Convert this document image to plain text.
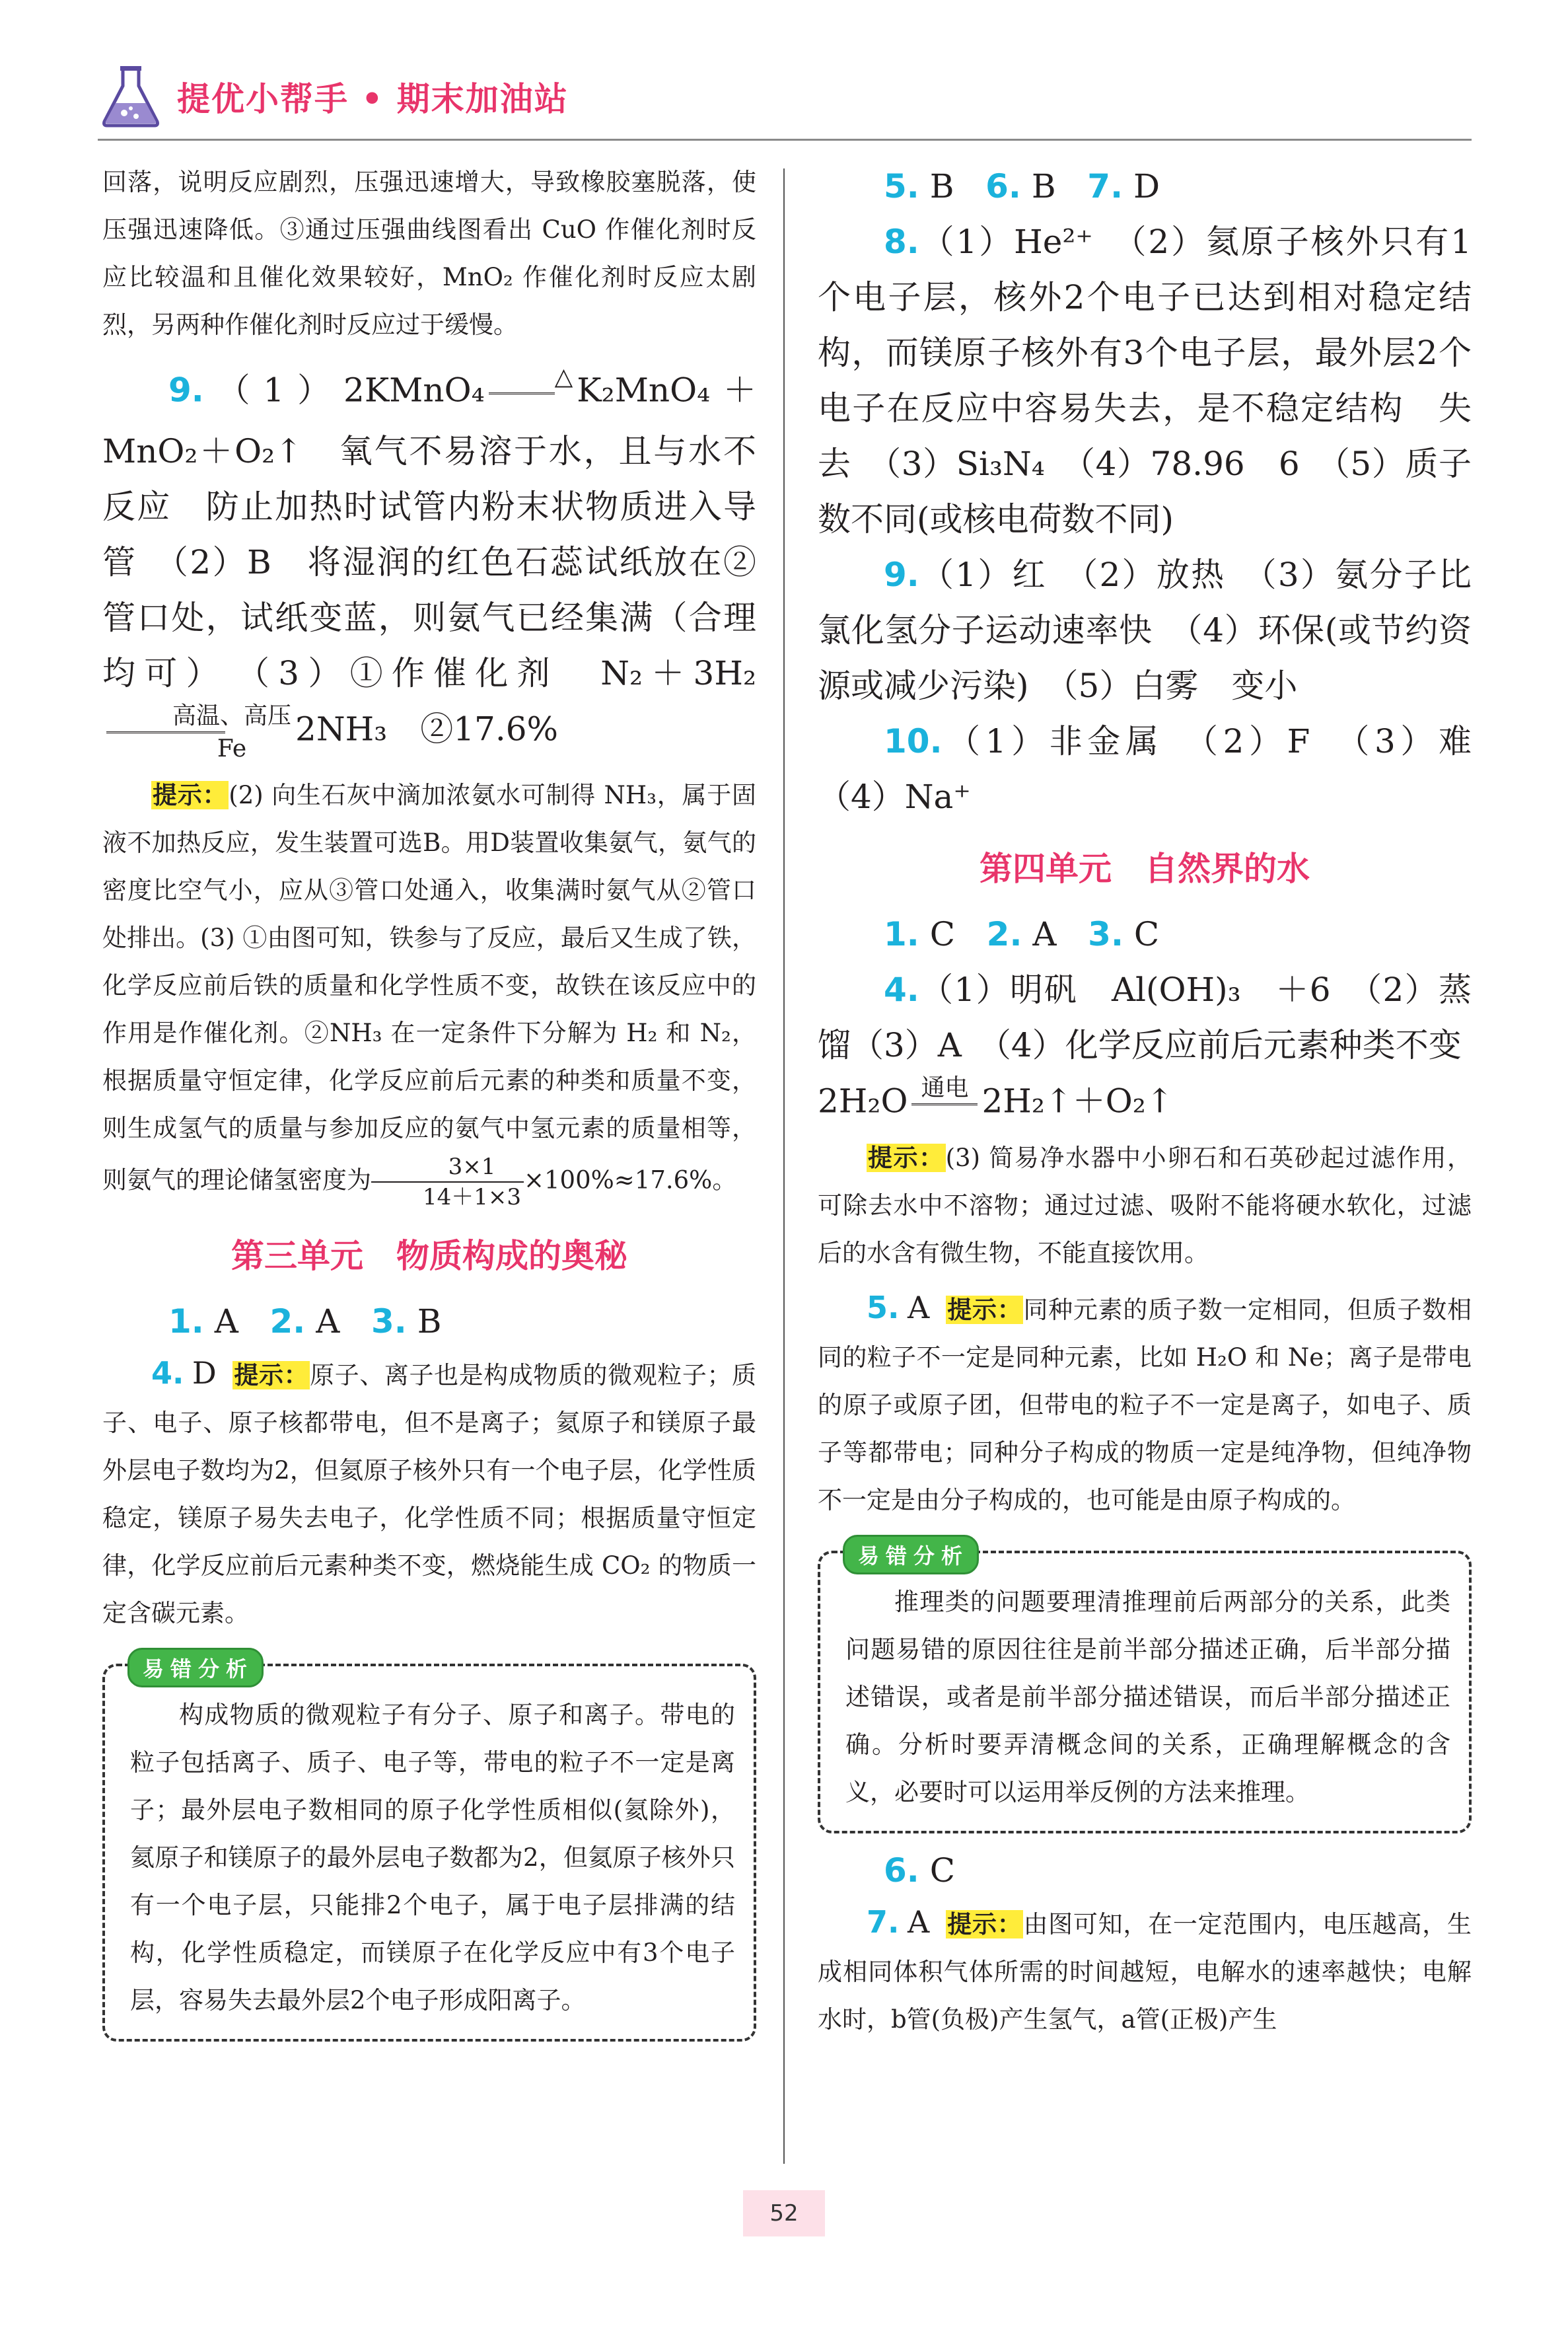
提优小帮手 • 期末加油站

回落，说明反应剧烈，压强迅速增大，导致橡胶塞脱落，使压强迅速降低。③通过压强曲线图看出 CuO 作催化剂时反应比较温和且催化效果较好，MnO₂ 作催化剂时反应太剧烈，另两种作催化剂时反应过于缓慢。

9.（1）2KMnO₄	△
K₂MnO₄＋MnO₂＋O₂↑　氧气不易溶于水，且与水不反应　防止加热时试管内粉末状物质进入导管　（2）B　将湿润的红色石蕊试纸放在②管口处，试纸变蓝，则氨气已经集满（合理均可）　（3）①作催化剂　N₂＋3H₂
高温、高压
Fe
2NH₃　②17.6%

提示：(2) 向生石灰中滴加浓氨水可制得 NH₃，属于固液不加热反应，发生装置可选B。用D装置收集氨气，氨气的密度比空气小，应从③管口处通入，收集满时氨气从②管口处排出。(3) ①由图可知，铁参与了反应，最后又生成了铁，化学反应前后铁的质量和化学性质不变，故铁在该反应中的作用是作催化剂。②NH₃ 在一定条件下分解为 H₂ 和 N₂，根据质量守恒定律，化学反应前后元素的种类和质量不变，则生成氢气的质量与参加反应的氨气中氢元素的质量相等，则氨气的理论储氢密度为 $\frac{3\times 1}{14+1\times 3} \times 100\%\approx 17.6\%$。

第三单元　物质构成的奥秘

1. A 2. A 3. B

4. D 提示：原子、离子也是构成物质的微观粒子；质子、电子、原子核都带电，但不是离子；氦原子和镁原子最外层电子数均为2，但氦原子核外只有一个电子层，化学性质稳定，镁原子易失去电子，化学性质不同；根据质量守恒定律，化学反应前后元素种类不变，燃烧能生成 CO₂ 的物质一定含碳元素。

易错分析

构成物质的微观粒子有分子、原子和离子。带电的粒子包括离子、质子、电子等，带电的粒子不一定是离子；最外层电子数相同的原子化学性质相似(氦除外)，氦原子和镁原子的最外层电子数都为2，但氦原子核外只有一个电子层，只能排2个电子，属于电子层排满的结构，化学性质稳定，而镁原子在化学反应中有3个电子层，容易失去最外层2个电子形成阳离子。

5. B 6. B 7. D

8.（1）He²⁺　（2）氦原子核外只有1个电子层，核外2个电子已达到相对稳定结构，而镁原子核外有3个电子层，最外层2个电子在反应中容易失去，是不稳定结构　失去　（3）Si₃N₄　（4）78.96　6　（5）质子数不同(或核电荷数不同)

9.（1）红　（2）放热　（3）氨分子比氯化氢分子运动速率快　（4）环保(或节约资源或减少污染)　（5）白雾　变小

10.（1）非金属　（2）F　（3）难　（4）Na⁺

第四单元　自然界的水

1. C 2. A 3. C

4.（1）明矾　Al(OH)₃　＋6　（2）蒸馏（3）A　（4）化学反应前后元素种类不变

2H₂O 通电
2H₂↑＋O₂↑

提示：(3) 简易净水器中小卵石和石英砂起过滤作用，可除去水中不溶物；通过过滤、吸附不能将硬水软化，过滤后的水含有微生物，不能直接饮用。

5. A 提示：同种元素的质子数一定相同，但质子数相同的粒子不一定是同种元素，比如 H₂O 和 Ne；离子是带电的原子或原子团，但带电的粒子不一定是离子，如电子、质子等都带电；同种分子构成的物质一定是纯净物，但纯净物不一定是由分子构成的，也可能是由原子构成的。

易错分析

推理类的问题要理清推理前后两部分的关系，此类问题易错的原因往往是前半部分描述正确，后半部分描述错误，或者是前半部分描述错误，而后半部分描述正确。分析时要弄清概念间的关系，正确理解概念的含义，必要时可以运用举反例的方法来推理。

6. C

7. A 提示：由图可知，在一定范围内，电压越高，生成相同体积气体所需的时间越短，电解水的速率越快；电解水时，b管(负极)产生氢气，a管(正极)产生

52
